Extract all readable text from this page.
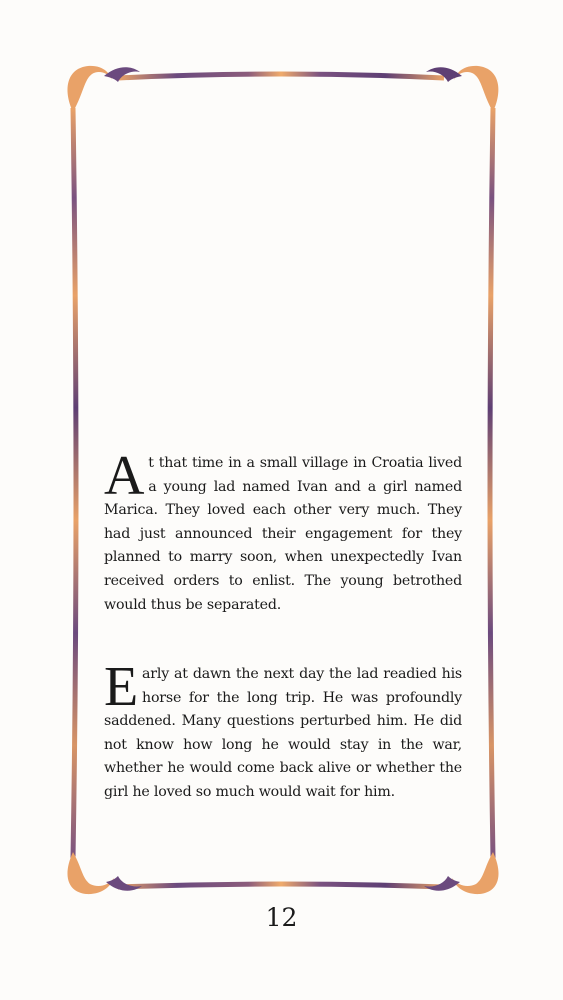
At that time in a small village in Croatia lived a young lad named Ivan and a girl named Marica. They loved each other very much. They had just announced their engagement for they planned to marry soon, when unexpectedly Ivan received orders to enlist. The young betrothed would thus be separated.
Early at dawn the next day the lad readied his horse for the long trip. He was profoundly saddened. Many questions perturbed him. He did not know how long he would stay in the war, whether he would come back alive or whether the girl he loved so much would wait for him.
12
